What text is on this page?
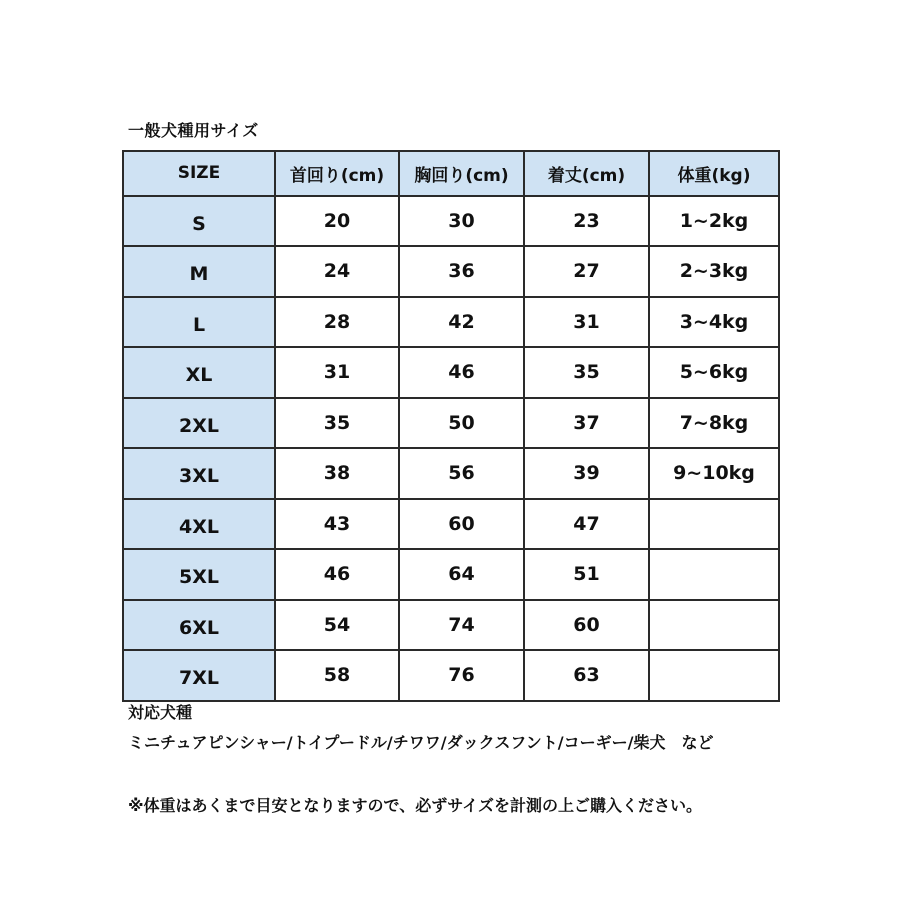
一般犬種用サイズ
SIZE	首回り(cm)	胸回り(cm)	着丈(cm)	体重(kg)
S	20	30	23	1~2kg
M	24	36	27	2~3kg
L	28	42	31	3~4kg
XL	31	46	35	5~6kg
2XL	35	50	37	7~8kg
3XL	38	56	39	9~10kg
4XL	43	60	47	
5XL	46	64	51	
6XL	54	74	60	
7XL	58	76	63	
対応犬種
ミニチュアピンシャー/トイプードル/チワワ/ダックスフント/コーギー/柴犬　など
※体重はあくまで目安となりますので、必ずサイズを計測の上ご購入ください。
